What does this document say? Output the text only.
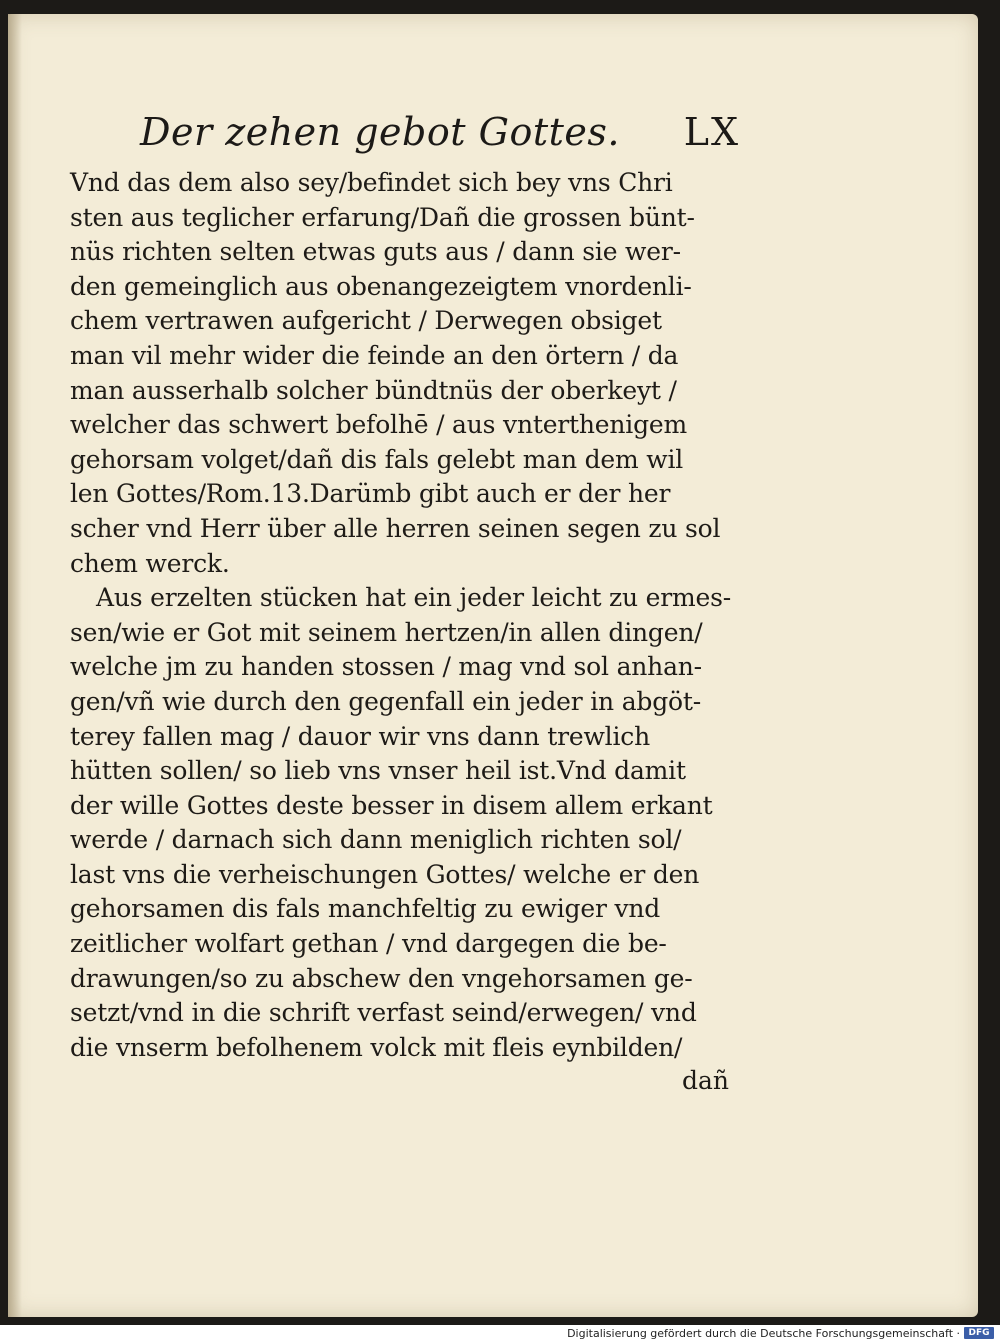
Der zehen gebot Gottes. LX
Vnd das dem also sey/befindet sich bey vns Chri
sten aus teglicher erfarung/Dañ die grossen bünt‑
nüs richten selten etwas guts aus / dann sie wer‑
den gemeinglich aus obenangezeigtem vnordenli‑
chem vertrawen aufgericht / Derwegen obsiget
man vil mehr wider die feinde an den örtern / da
man ausserhalb solcher bündtnüs der oberkeyt /
welcher das schwert befolhē / aus vnterthenigem
gehorsam volget/dañ dis fals gelebt man dem wil
len Gottes/Rom.13.Darümb gibt auch er der her
scher vnd Herr über alle herren seinen segen zu sol
chem werck.
Aus erzelten stücken hat ein jeder leicht zu ermes‑
sen/wie er Got mit seinem hertzen/in allen dingen/
welche jm zu handen stossen / mag vnd sol anhan‑
gen/vñ wie durch den gegenfall ein jeder in abgöt‑
terey fallen mag / dauor wir vns dann trewlich
hütten sollen/ so lieb vns vnser heil ist.Vnd damit
der wille Gottes deste besser in disem allem erkant
werde / darnach sich dann meniglich richten sol/
last vns die verheischungen Gottes/ welche er den
gehorsamen dis fals manchfeltig zu ewiger vnd
zeitlicher wolfart gethan / vnd dargegen die be‑
drawungen/so zu abschew den vngehorsamen ge‑
setzt/vnd in die schrift verfast seind/erwegen/ vnd
die vnserm befolhenem volck mit fleis eynbilden/
dañ
Digitalisierung gefördert durch die Deutsche Forschungsgemeinschaft · DFG
